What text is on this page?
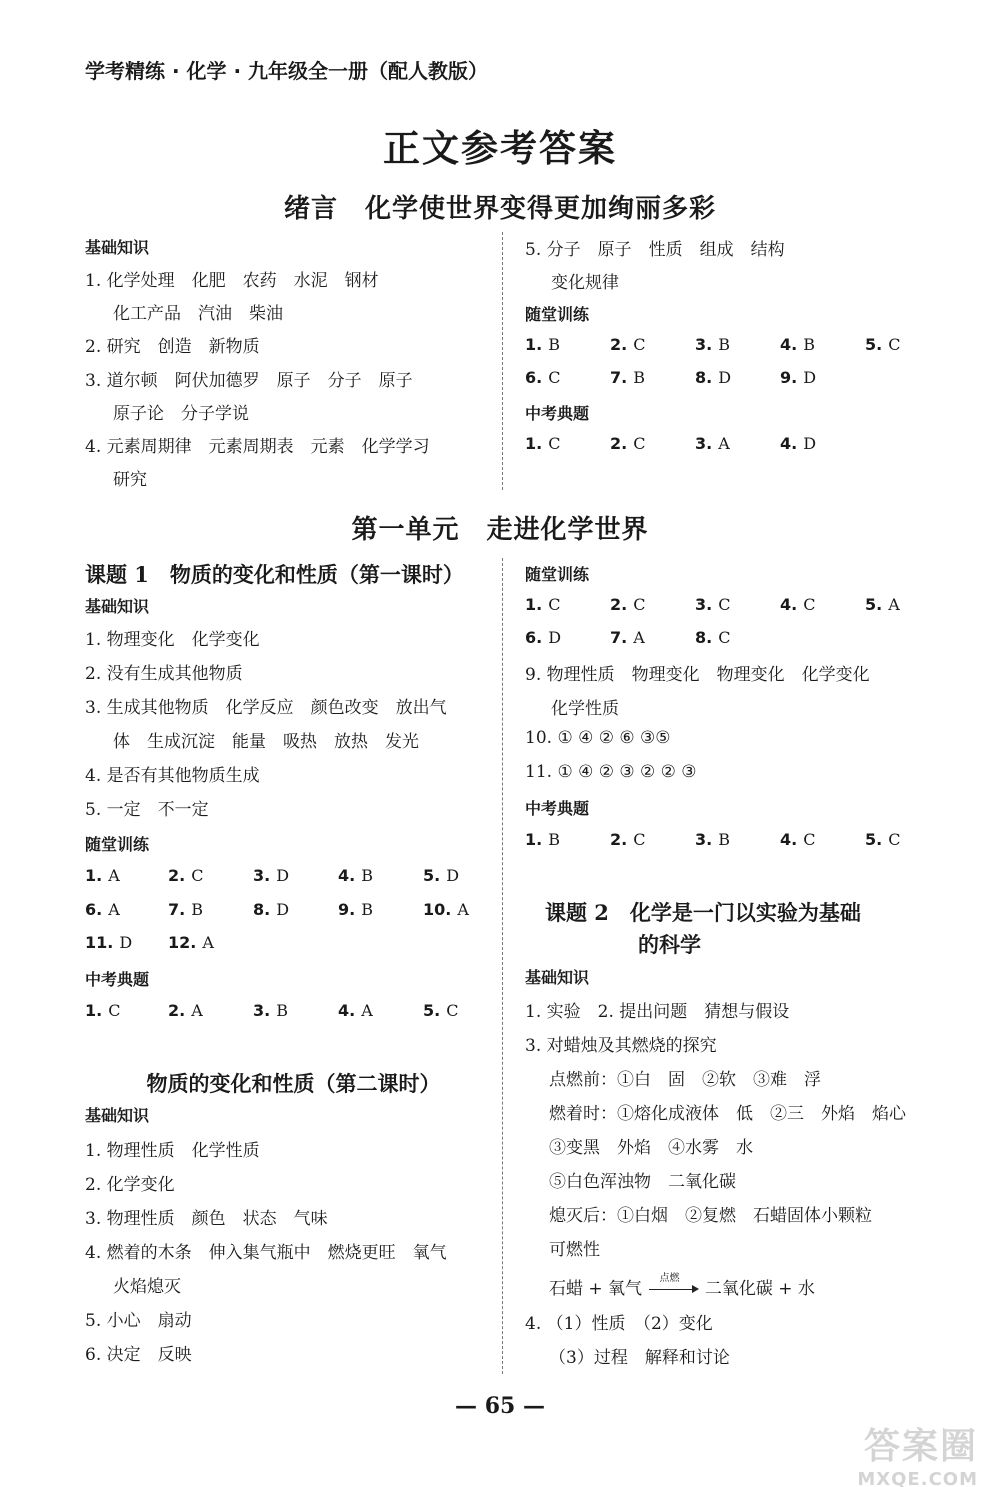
学考精练 · 化学 · 九年级全一册（配人教版）
正文参考答案
绪言　化学使世界变得更加绚丽多彩
基础知识
1. 化学处理　化肥　农药　水泥　钢材
化工产品　汽油　柴油
2. 研究　创造　新物质
3. 道尔顿　阿伏加德罗　原子　分子　原子
原子论　分子学说
4. 元素周期律　元素周期表　元素　化学学习
研究
5. 分子　原子　性质　组成　结构
变化规律
随堂训练
1. B	2. C	3. B	4. B	5. C
6. C	7. B	8. D	9. D
中考典题
1. C	2. C	3. A	4. D
第一单元　走进化学世界
课题 1　物质的变化和性质（第一课时）
基础知识
1. 物理变化　化学变化
2. 没有生成其他物质
3. 生成其他物质　化学反应　颜色改变　放出气
体　生成沉淀　能量　吸热　放热　发光
4. 是否有其他物质生成
5. 一定　不一定
随堂训练
1. A	2. C	3. D	4. B	5. D
6. A	7. B	8. D	9. B	10. A
11. D 12. A
中考典题
1. C	2. A	3. B	4. A	5. C
物质的变化和性质（第二课时）
基础知识
1. 物理性质　化学性质
2. 化学变化
3. 物理性质　颜色　状态　气味
4. 燃着的木条　伸入集气瓶中　燃烧更旺　氧气
火焰熄灭
5. 小心　扇动
6. 决定　反映
随堂训练
1. C	2. C	3. C	4. C	5. A
6. D	7. A	8. C
9. 物理性质　物理变化　物理变化　化学变化
化学性质
10. ① ④ ② ⑥ ③⑤
11. ① ④ ② ③ ② ② ③
中考典题
1. B	2. C	3. B	4. C	5. C
课题 2　化学是一门以实验为基础
的科学
基础知识
1. 实验　2. 提出问题　猜想与假设
3. 对蜡烛及其燃烧的探究
点燃前：①白　固　②软　③难　浮
燃着时：①熔化成液体　低　②三　外焰　焰心
③变黑　外焰　④水雾　水
⑤白色浑浊物　二氧化碳
熄灭后：①白烟　②复燃　石蜡固体小颗粒
可燃性
石蜡 + 氧气
点燃
二氧化碳 + 水
4. （1）性质　（2）变化
（3）过程　解释和讨论
— 65 —
答案圈
MXQE.COM
